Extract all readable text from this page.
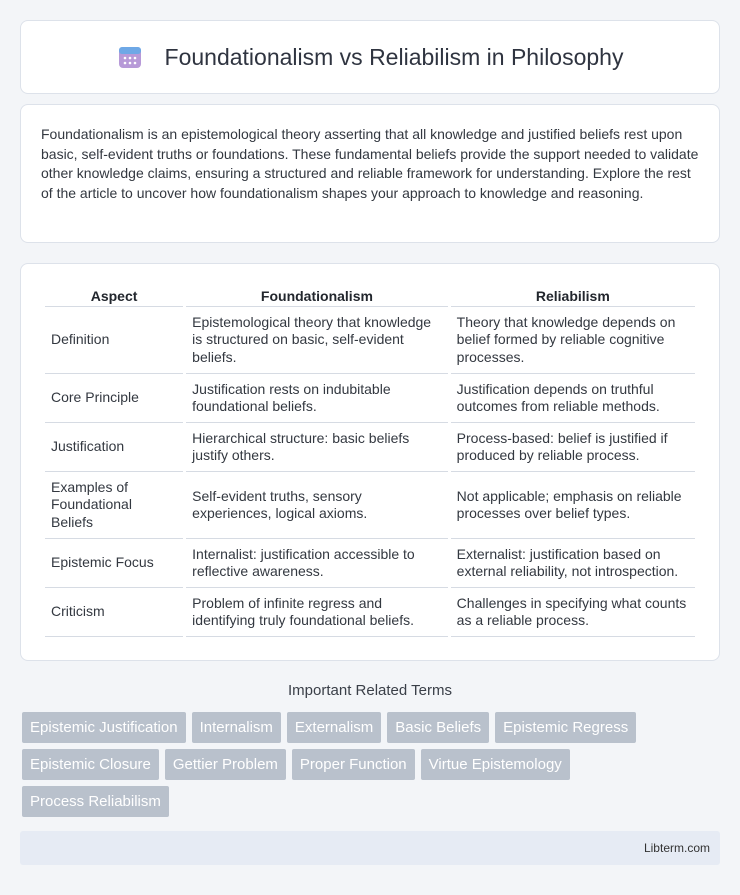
Foundationalism vs Reliabilism in Philosophy

Foundationalism is an epistemological theory asserting that all knowledge and justified beliefs rest upon basic, self-evident truths or foundations. These fundamental beliefs provide the support needed to validate other knowledge claims, ensuring a structured and reliable framework for understanding. Explore the rest of the article to uncover how foundationalism shapes your approach to knowledge and reasoning.

Aspect	Foundationalism	Reliabilism
Definition	Epistemological theory that knowledge is structured on basic, self-evident beliefs.	Theory that knowledge depends on belief formed by reliable cognitive processes.
Core Principle	Justification rests on indubitable foundational beliefs.	Justification depends on truthful outcomes from reliable methods.
Justification	Hierarchical structure: basic beliefs justify others.	Process-based: belief is justified if produced by reliable process.
Examples of Foundational Beliefs	Self-evident truths, sensory experiences, logical axioms.	Not applicable; emphasis on reliable processes over belief types.
Epistemic Focus	Internalist: justification accessible to reflective awareness.	Externalist: justification based on external reliability, not introspection.
Criticism	Problem of infinite regress and identifying truly foundational beliefs.	Challenges in specifying what counts as a reliable process.
Important Related Terms
Epistemic Justification	Internalism	Externalism	Basic Beliefs	Epistemic Regress
Epistemic Closure	Gettier Problem	Proper Function	Virtue Epistemology
Process Reliabilism
Libterm.com
